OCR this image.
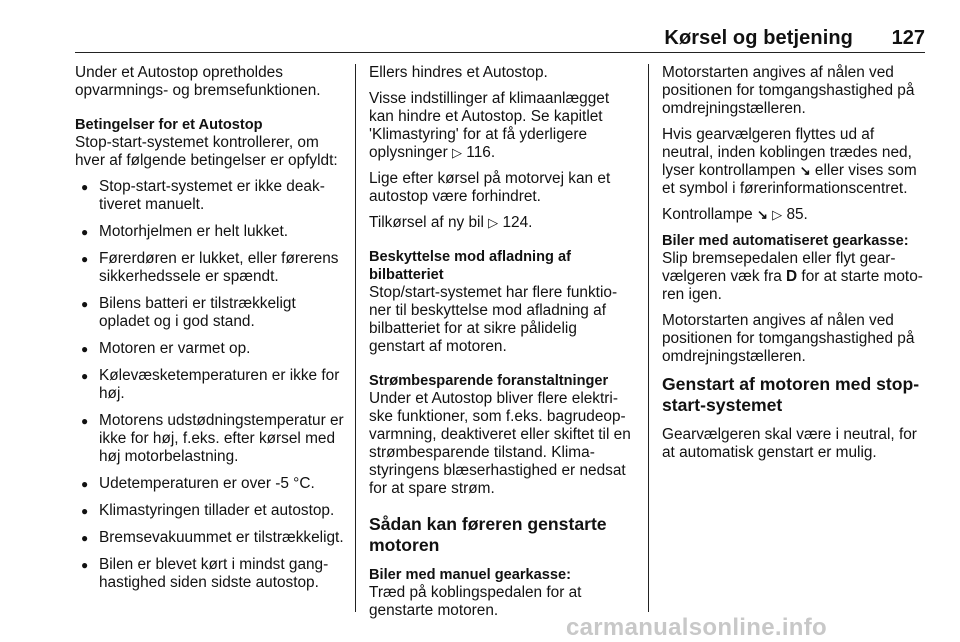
Kørsel og betjening 127

Under et Autostop opretholdes opvarmnings- og bremsefunktionen.

Betingelser for et Autostop

Stop-start-systemet kontrollerer, om hver af følgende betingelser er opfyldt:

● Stop-start-systemet er ikke deaktiveret manuelt.
● Motorhjelmen er helt lukket.
● Førerdøren er lukket, eller førerens sikkerhedssele er spændt.
● Bilens batteri er tilstrækkeligt opladet og i god stand.
● Motoren er varmet op.
● Kølevæsketemperaturen er ikke for høj.
● Motorens udstødningstemperatur er ikke for høj, f.eks. efter kørsel med høj motorbelastning.
● Udetemperaturen er over -5 °C.
● Klimastyringen tillader et autostop.
● Bremsevakuummet er tilstrækkeligt.
● Bilen er blevet kørt i mindst ganghastighed siden sidste autostop.

Ellers hindres et Autostop.

Visse indstillinger af klimaanlægget kan hindre et Autostop. Se kapitlet 'Klimastyring' for at få yderligere oplysninger ▷ 116.

Lige efter kørsel på motorvej kan et autostop være forhindret.

Tilkørsel af ny bil ▷ 124.

Beskyttelse mod afladning af bilbatteriet

Stop/start-systemet har flere funktioner til beskyttelse mod afladning af bilbatteriet for at sikre pålidelig genstart af motoren.

Strømbesparende foranstaltninger

Under et Autostop bliver flere elektriske funktioner, som f.eks. bagrudeopvarmning, deaktiveret eller skiftet til en strømbesparende tilstand. Klimastyringens blæserhastighed er nedsat for at spare strøm.

Sådan kan føreren genstarte motoren
Biler med manuel gearkasse:

Træd på koblingspedalen for at genstarte motoren.

Motorstarten angives af nålen ved positionen for tomgangshastighed på omdrejningstælleren.

Hvis gearvælgeren flyttes ud af neutral, inden koblingen trædes ned, lyser kontrollampen ↘ eller vises som et symbol i førerinformationscentret.

Kontrollampe ↘ ▷ 85.

Biler med automatiseret gearkasse:

Slip bremsepedalen eller flyt gearvælgeren væk fra D for at starte motoren igen.

Motorstarten angives af nålen ved positionen for tomgangshastighed på omdrejningstælleren.

Genstart af motoren med stop-start-systemet

Gearvælgeren skal være i neutral, for at automatisk genstart er mulig.

carmanualsonline.info
